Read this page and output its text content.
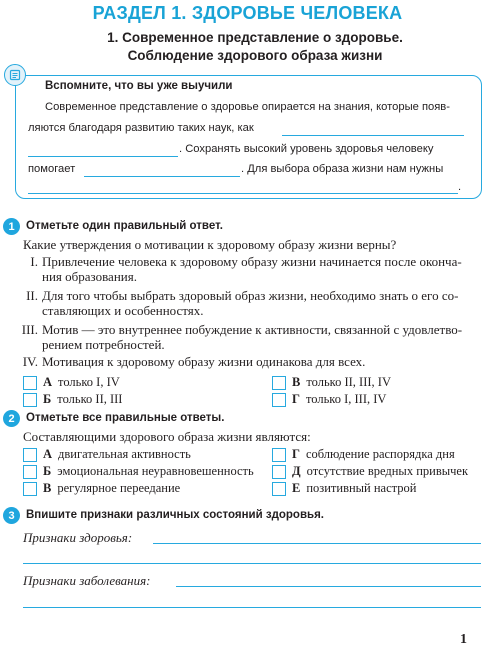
РАЗДЕЛ 1. ЗДОРОВЬЕ ЧЕЛОВЕКА
1. Современное представление о здоровье.
Соблюдение здорового образа жизни
Вспомните, что вы уже выучили
Современное представление о здоровье опирается на знания, которые появ-
ляются благодаря развитию таких наук, как
. Сохранять высокий уровень здоровья человеку
помогает	. Для выбора образа жизни нам нужны
.
1 Отметьте один правильный ответ.
Какие утверждения о мотивации к здоровому образу жизни верны?
I. Привлечение человека к здоровому образу жизни начинается после оконча-
ния образования.
II. Для того чтобы выбрать здоровый образ жизни, необходимо знать о его со-
ставляющих и особенностях.
III. Мотив — это внутреннее побуждение к активности, связанной с удовлетво-
рением потребностей.
IV. Мотивация к здоровому образу жизни одинакова для всех.
А только I, IV
Б только II, III
В только II, III, IV
Г только I, III, IV
2 Отметьте все правильные ответы.
Составляющими здорового образа жизни являются:
А двигательная активность
Б эмоциональная неуравновешенность
В регулярное переедание
Г соблюдение распорядка дня
Д отсутствие вредных привычек
Е позитивный настрой
3 Впишите признаки различных состояний здоровья.
Признаки здоровья:
Признаки заболевания:
1
